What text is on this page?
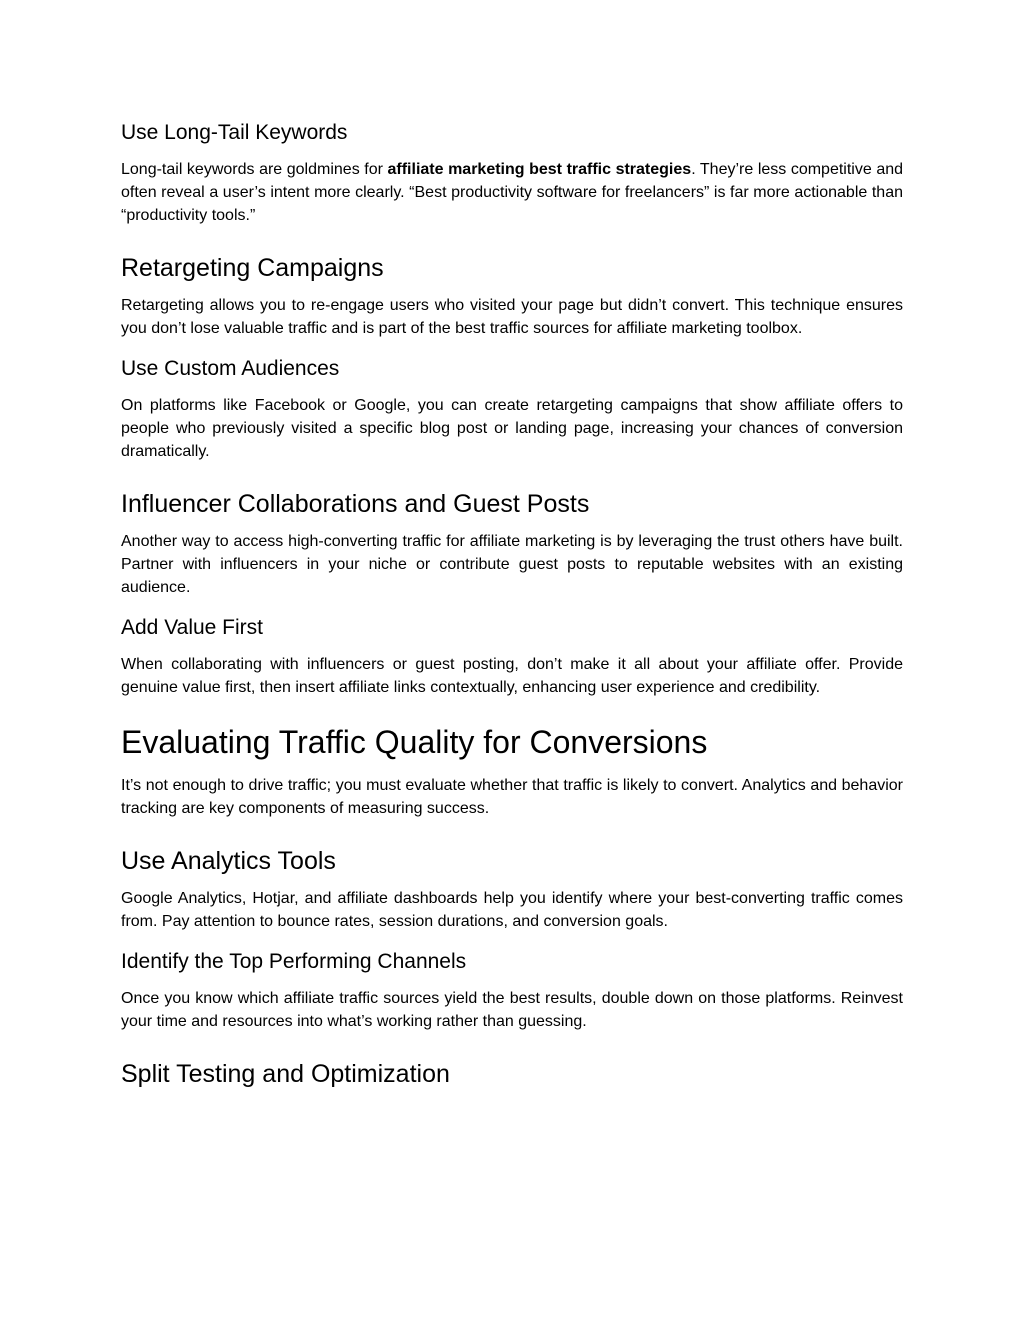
Use Long-Tail Keywords

Long-tail keywords are goldmines for affiliate marketing best traffic strategies. They’re less competitive and often reveal a user’s intent more clearly. “Best productivity software for freelancers” is far more actionable than “productivity tools.”

Retargeting Campaigns

Retargeting allows you to re-engage users who visited your page but didn’t convert. This technique ensures you don’t lose valuable traffic and is part of the best traffic sources for affiliate marketing toolbox.

Use Custom Audiences

On platforms like Facebook or Google, you can create retargeting campaigns that show affiliate offers to people who previously visited a specific blog post or landing page, increasing your chances of conversion dramatically.

Influencer Collaborations and Guest Posts

Another way to access high-converting traffic for affiliate marketing is by leveraging the trust others have built. Partner with influencers in your niche or contribute guest posts to reputable websites with an existing audience.

Add Value First

When collaborating with influencers or guest posting, don’t make it all about your affiliate offer. Provide genuine value first, then insert affiliate links contextually, enhancing user experience and credibility.

Evaluating Traffic Quality for Conversions

It’s not enough to drive traffic; you must evaluate whether that traffic is likely to convert. Analytics and behavior tracking are key components of measuring success.

Use Analytics Tools

Google Analytics, Hotjar, and affiliate dashboards help you identify where your best-converting traffic comes from. Pay attention to bounce rates, session durations, and conversion goals.

Identify the Top Performing Channels

Once you know which affiliate traffic sources yield the best results, double down on those platforms. Reinvest your time and resources into what’s working rather than guessing.

Split Testing and Optimization
